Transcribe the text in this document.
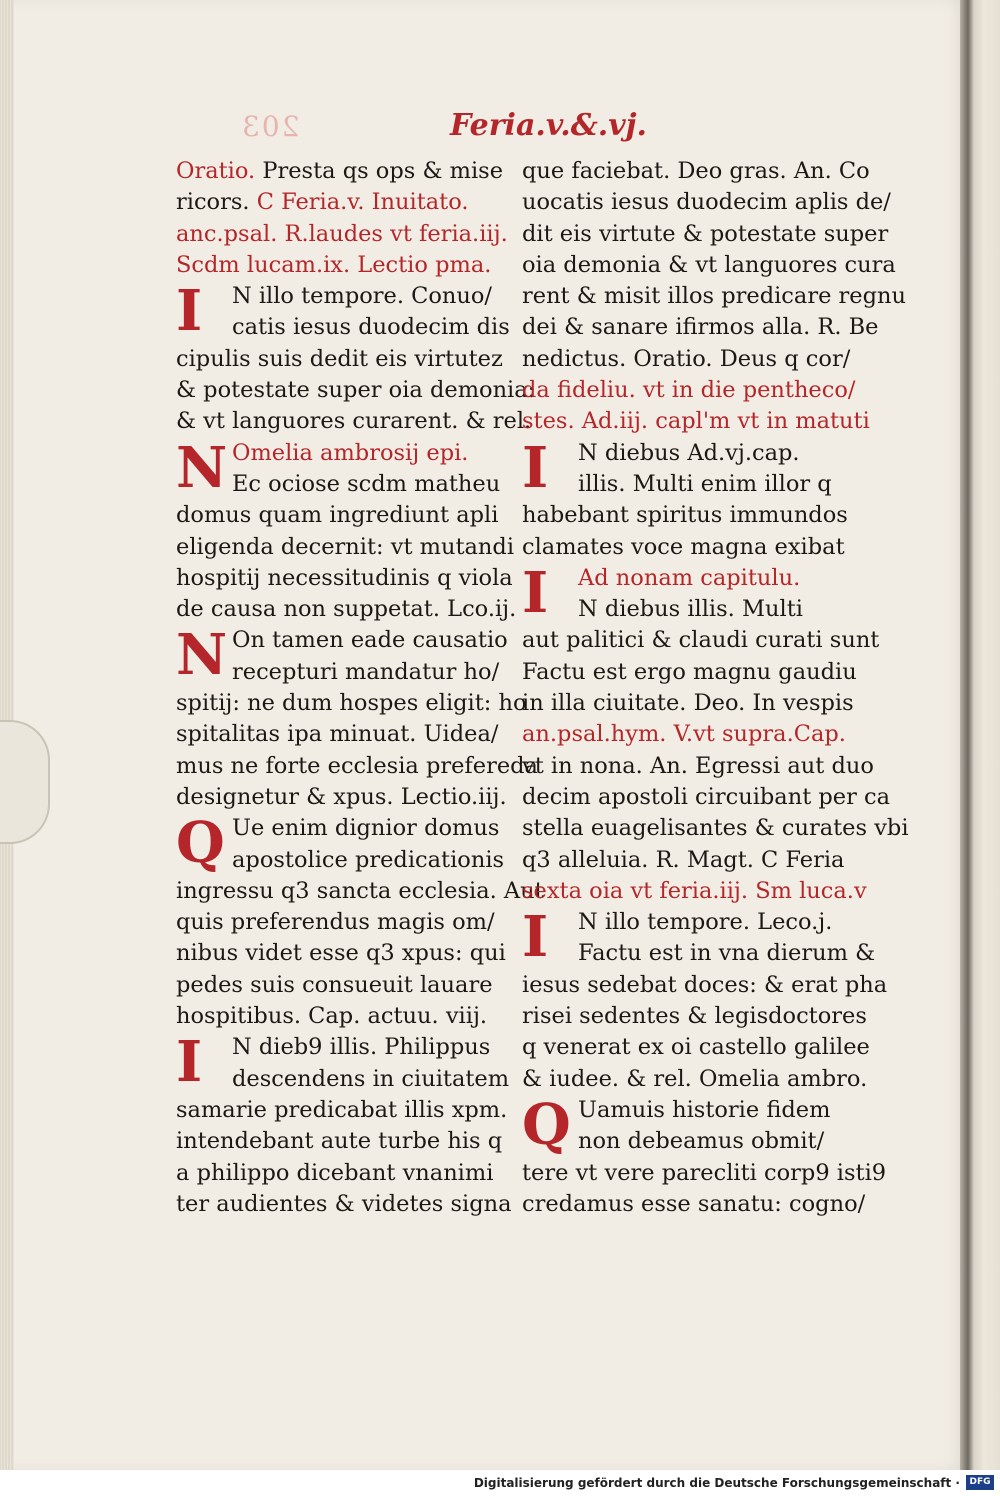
203	Feria.v.&.vj.
Oratio. Presta qs ops & mise
ricors. C Feria.v. Inuitato.
anc.psal. R.laudes vt feria.iij.
Scdm lucam.ix. Lectio pma.
I	N illo tempore. Conuo/
catis iesus duodecim dis
cipulis suis dedit eis virtutez
& potestate super oia demonia:
& vt languores curarent. & rel.
N Omelia ambrosij epi.
Ec ociose scdm matheu
domus quam ingrediunt apli
eligenda decernit: vt mutandi
hospitij necessitudinis q viola
de causa non suppetat. Lco.ij.
N On tamen eade causatio
recepturi mandatur ho/
spitij: ne dum hospes eligit: ho
spitalitas ipa minuat. Uidea/
mus ne forte ecclesia prefereda
designetur & xpus. Lectio.iij.
Q Ue enim dignior domus
apostolice predicationis
ingressu q3 sancta ecclesia. Aut
quis preferendus magis om/
nibus videt esse q3 xpus: qui
pedes suis consueuit lauare
hospitibus. Cap. actuu. viij.
I	N dieb9 illis. Philippus
descendens in ciuitatem
samarie predicabat illis xpm.
intendebant aute turbe his q
a philippo dicebant vnanimi
ter audientes & videtes signa
que faciebat. Deo gras. An. Co
uocatis iesus duodecim aplis de/
dit eis virtute & potestate super
oia demonia & vt languores cura
rent & misit illos predicare regnu
dei & sanare ifirmos alla. R. Be
nedictus. Oratio. Deus q cor/
da fideliu. vt in die pentheco/
stes. Ad.iij. capl'm vt in matuti
I	N diebus Ad.vj.cap.
illis. Multi enim illor q
habebant spiritus immundos
clamates voce magna exibat
I	Ad nonam capitulu.
N diebus illis. Multi
aut palitici & claudi curati sunt
Factu est ergo magnu gaudiu
in illa ciuitate. Deo. In vespis
an.psal.hym. V.vt supra.Cap.
vt in nona. An. Egressi aut duo
decim apostoli circuibant per ca
stella euagelisantes & curates vbi
q3 alleluia. R. Magt. C Feria
sexta oia vt feria.iij. Sm luca.v
I	N illo tempore. Leco.j.
Factu est in vna dierum &
iesus sedebat doces: & erat pha
risei sedentes & legisdoctores
q venerat ex oi castello galilee
& iudee. & rel. Omelia ambro.
Q Uamuis historie fidem
non debeamus obmit/
tere vt vere parecliti corp9 isti9
credamus esse sanatu: cogno/
Digitalisierung gefördert durch die Deutsche Forschungsgemeinschaft ·	DFG
